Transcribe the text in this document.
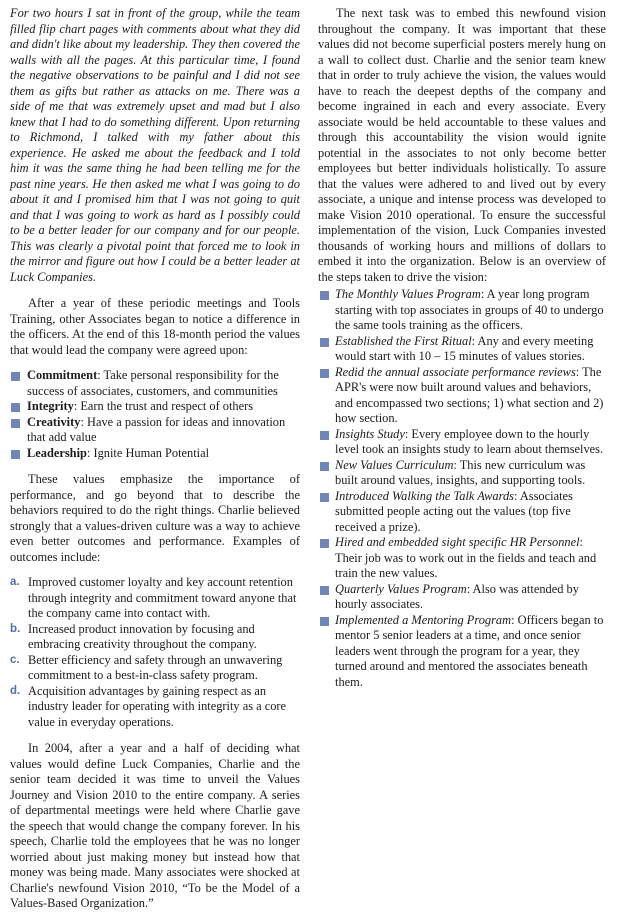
For two hours I sat in front of the group, while the team filled flip chart pages with comments about what they did and didn't like about my leadership. They then covered the walls with all the pages. At this particular time, I found the negative observations to be painful and I did not see them as gifts but rather as attacks on me. There was a side of me that was extremely upset and mad but I also knew that I had to do something different. Upon returning to Richmond, I talked with my father about this experience. He asked me about the feedback and I told him it was the same thing he had been telling me for the past nine years. He then asked me what I was going to do about it and I promised him that I was not going to quit and that I was going to work as hard as I possibly could to be a better leader for our company and for our people. This was clearly a pivotal point that forced me to look in the mirror and figure out how I could be a better leader at Luck Companies.

After a year of these periodic meetings and Tools Training, other Associates began to notice a difference in the officers. At the end of this 18-month period the values that would lead the company were agreed upon:

Commitment: Take personal responsibility for the success of associates, customers, and communities
Integrity: Earn the trust and respect of others
Creativity: Have a passion for ideas and innovation that add value
Leadership: Ignite Human Potential

These values emphasize the importance of performance, and go beyond that to describe the behaviors required to do the right things. Charlie believed strongly that a values-driven culture was a way to achieve even better outcomes and performance. Examples of outcomes include:

a. Improved customer loyalty and key account retention through integrity and commitment toward anyone that the company came into contact with.
b. Increased product innovation by focusing and embracing creativity throughout the company.
c. Better efficiency and safety through an unwavering commitment to a best-in-class safety program.
d. Acquisition advantages by gaining respect as an industry leader for operating with integrity as a core value in everyday operations.

In 2004, after a year and a half of deciding what values would define Luck Companies, Charlie and the senior team decided it was time to unveil the Values Journey and Vision 2010 to the entire company. A series of departmental meetings were held where Charlie gave the speech that would change the company forever. In his speech, Charlie told the employees that he was no longer worried about just making money but instead how that money was being made. Many associates were shocked at Charlie's newfound Vision 2010, “To be the Model of a Values-Based Organization.”

The next task was to embed this newfound vision throughout the company. It was important that these values did not become superficial posters merely hung on a wall to collect dust. Charlie and the senior team knew that in order to truly achieve the vision, the values would have to reach the deepest depths of the company and become ingrained in each and every associate. Every associate would be held accountable to these values and through this accountability the vision would ignite potential in the associates to not only become better employees but better individuals holistically. To assure that the values were adhered to and lived out by every associate, a unique and intense process was developed to make Vision 2010 operational. To ensure the successful implementation of the vision, Luck Companies invested thousands of working hours and millions of dollars to embed it into the organization. Below is an overview of the steps taken to drive the vision:

The Monthly Values Program: A year long program starting with top associates in groups of 40 to undergo the same tools training as the officers.
Established the First Ritual: Any and every meeting would start with 10 – 15 minutes of values stories.
Redid the annual associate performance reviews: The APR's were now built around values and behaviors, and encompassed two sections; 1) what section and 2) how section.
Insights Study: Every employee down to the hourly level took an insights study to learn about themselves.
New Values Curriculum: This new curriculum was built around values, insights, and supporting tools.
Introduced Walking the Talk Awards: Associates submitted people acting out the values (top five received a prize).
Hired and embedded sight specific HR Personnel: Their job was to work out in the fields and teach and train the new values.
Quarterly Values Program: Also was attended by hourly associates.
Implemented a Mentoring Program: Officers began to mentor 5 senior leaders at a time, and once senior leaders went through the program for a year, they turned around and mentored the associates beneath them.
